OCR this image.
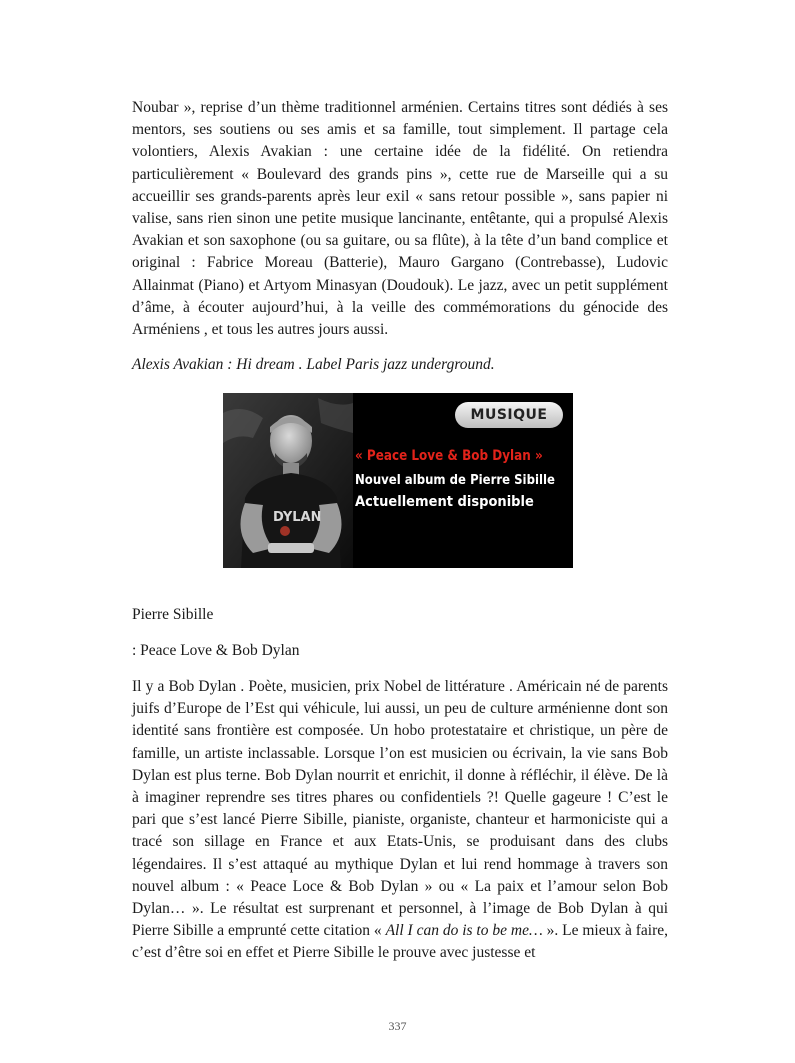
Noubar », reprise d’un thème traditionnel arménien. Certains titres sont dédiés à ses mentors, ses soutiens ou ses amis et sa famille, tout simplement. Il partage cela volontiers, Alexis Avakian : une certaine idée de la fidélité. On retiendra particulièrement « Boulevard des grands pins », cette rue de Marseille qui a su accueillir ses grands-parents après leur exil « sans retour possible », sans papier ni valise, sans rien sinon une petite musique lancinante, entêtante, qui a propulsé Alexis Avakian et son saxophone (ou sa guitare, ou sa flûte), à la tête d’un band complice et original : Fabrice Moreau (Batterie), Mauro Gargano (Contrebasse), Ludovic Allainmat (Piano) et Artyom Minasyan (Doudouk). Le jazz, avec un petit supplément d’âme, à écouter aujourd’hui, à la veille des commémorations du génocide des Arméniens , et tous les autres jours aussi.

Alexis Avakian : Hi dream . Label Paris jazz underground.

DYLAN
MUSIQUE
« Peace Love & Bob Dylan »
Nouvel album de Pierre Sibille
Actuellement disponible

Pierre Sibille

: Peace Love & Bob Dylan

Il y a Bob Dylan . Poète, musicien, prix Nobel de littérature . Américain né de parents juifs d’Europe de l’Est qui véhicule, lui aussi, un peu de culture arménienne dont son identité sans frontière est composée. Un hobo protestataire et christique, un père de famille, un artiste inclassable. Lorsque l’on est musicien ou écrivain, la vie sans Bob Dylan est plus terne. Bob Dylan nourrit et enrichit, il donne à réfléchir, il élève. De là à imaginer reprendre ses titres phares ou confidentiels ?! Quelle gageure ! C’est le pari que s’est lancé Pierre Sibille, pianiste, organiste, chanteur et harmoniciste qui a tracé son sillage en France et aux Etats-Unis, se produisant dans des clubs légendaires. Il s’est attaqué au mythique Dylan et lui rend hommage à travers son nouvel album : « Peace Loce & Bob Dylan » ou « La paix et l’amour selon Bob Dylan… ». Le résultat est surprenant et personnel, à l’image de Bob Dylan à qui Pierre Sibille a emprunté cette citation « All I can do is to be me… ». Le mieux à faire, c’est d’être soi en effet et Pierre Sibille le prouve avec justesse et

337
